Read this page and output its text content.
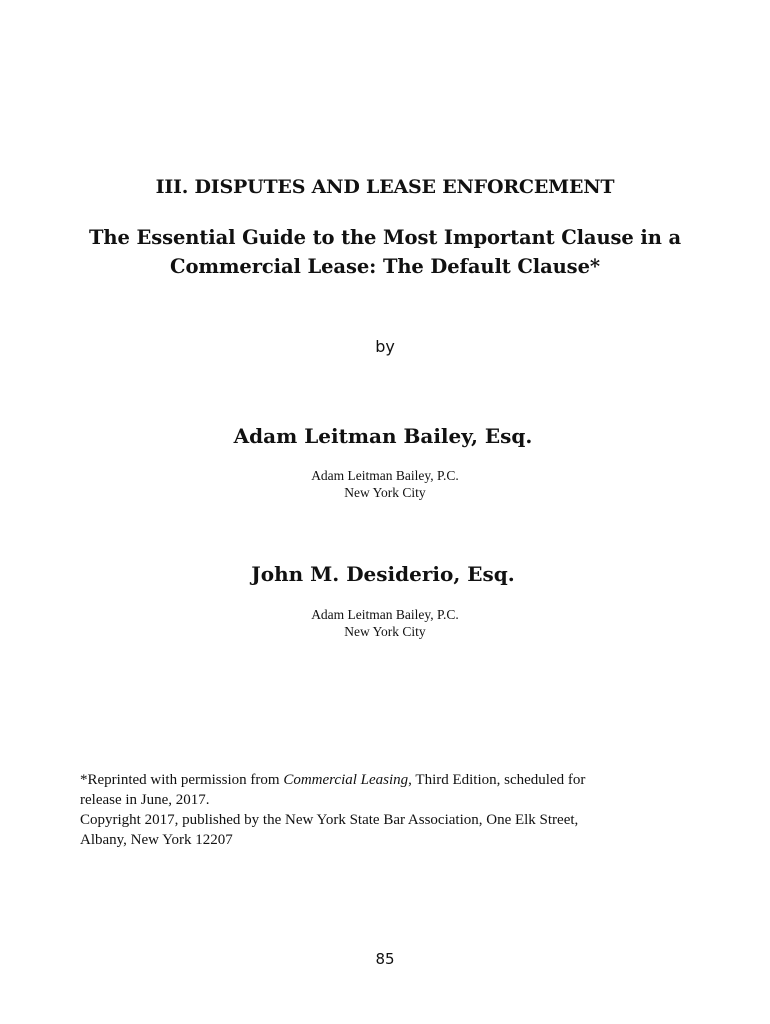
III. DISPUTES AND LEASE ENFORCEMENT
The Essential Guide to the Most Important Clause in a
Commercial Lease: The Default Clause*
by
Adam Leitman Bailey, Esq.
Adam Leitman Bailey, P.C.
New York City
John M. Desiderio, Esq.
Adam Leitman Bailey, P.C.
New York City
*Reprinted with permission from Commercial Leasing, Third Edition, scheduled for
release in June, 2017.
Copyright 2017, published by the New York State Bar Association, One Elk Street,
Albany, New York 12207
85
